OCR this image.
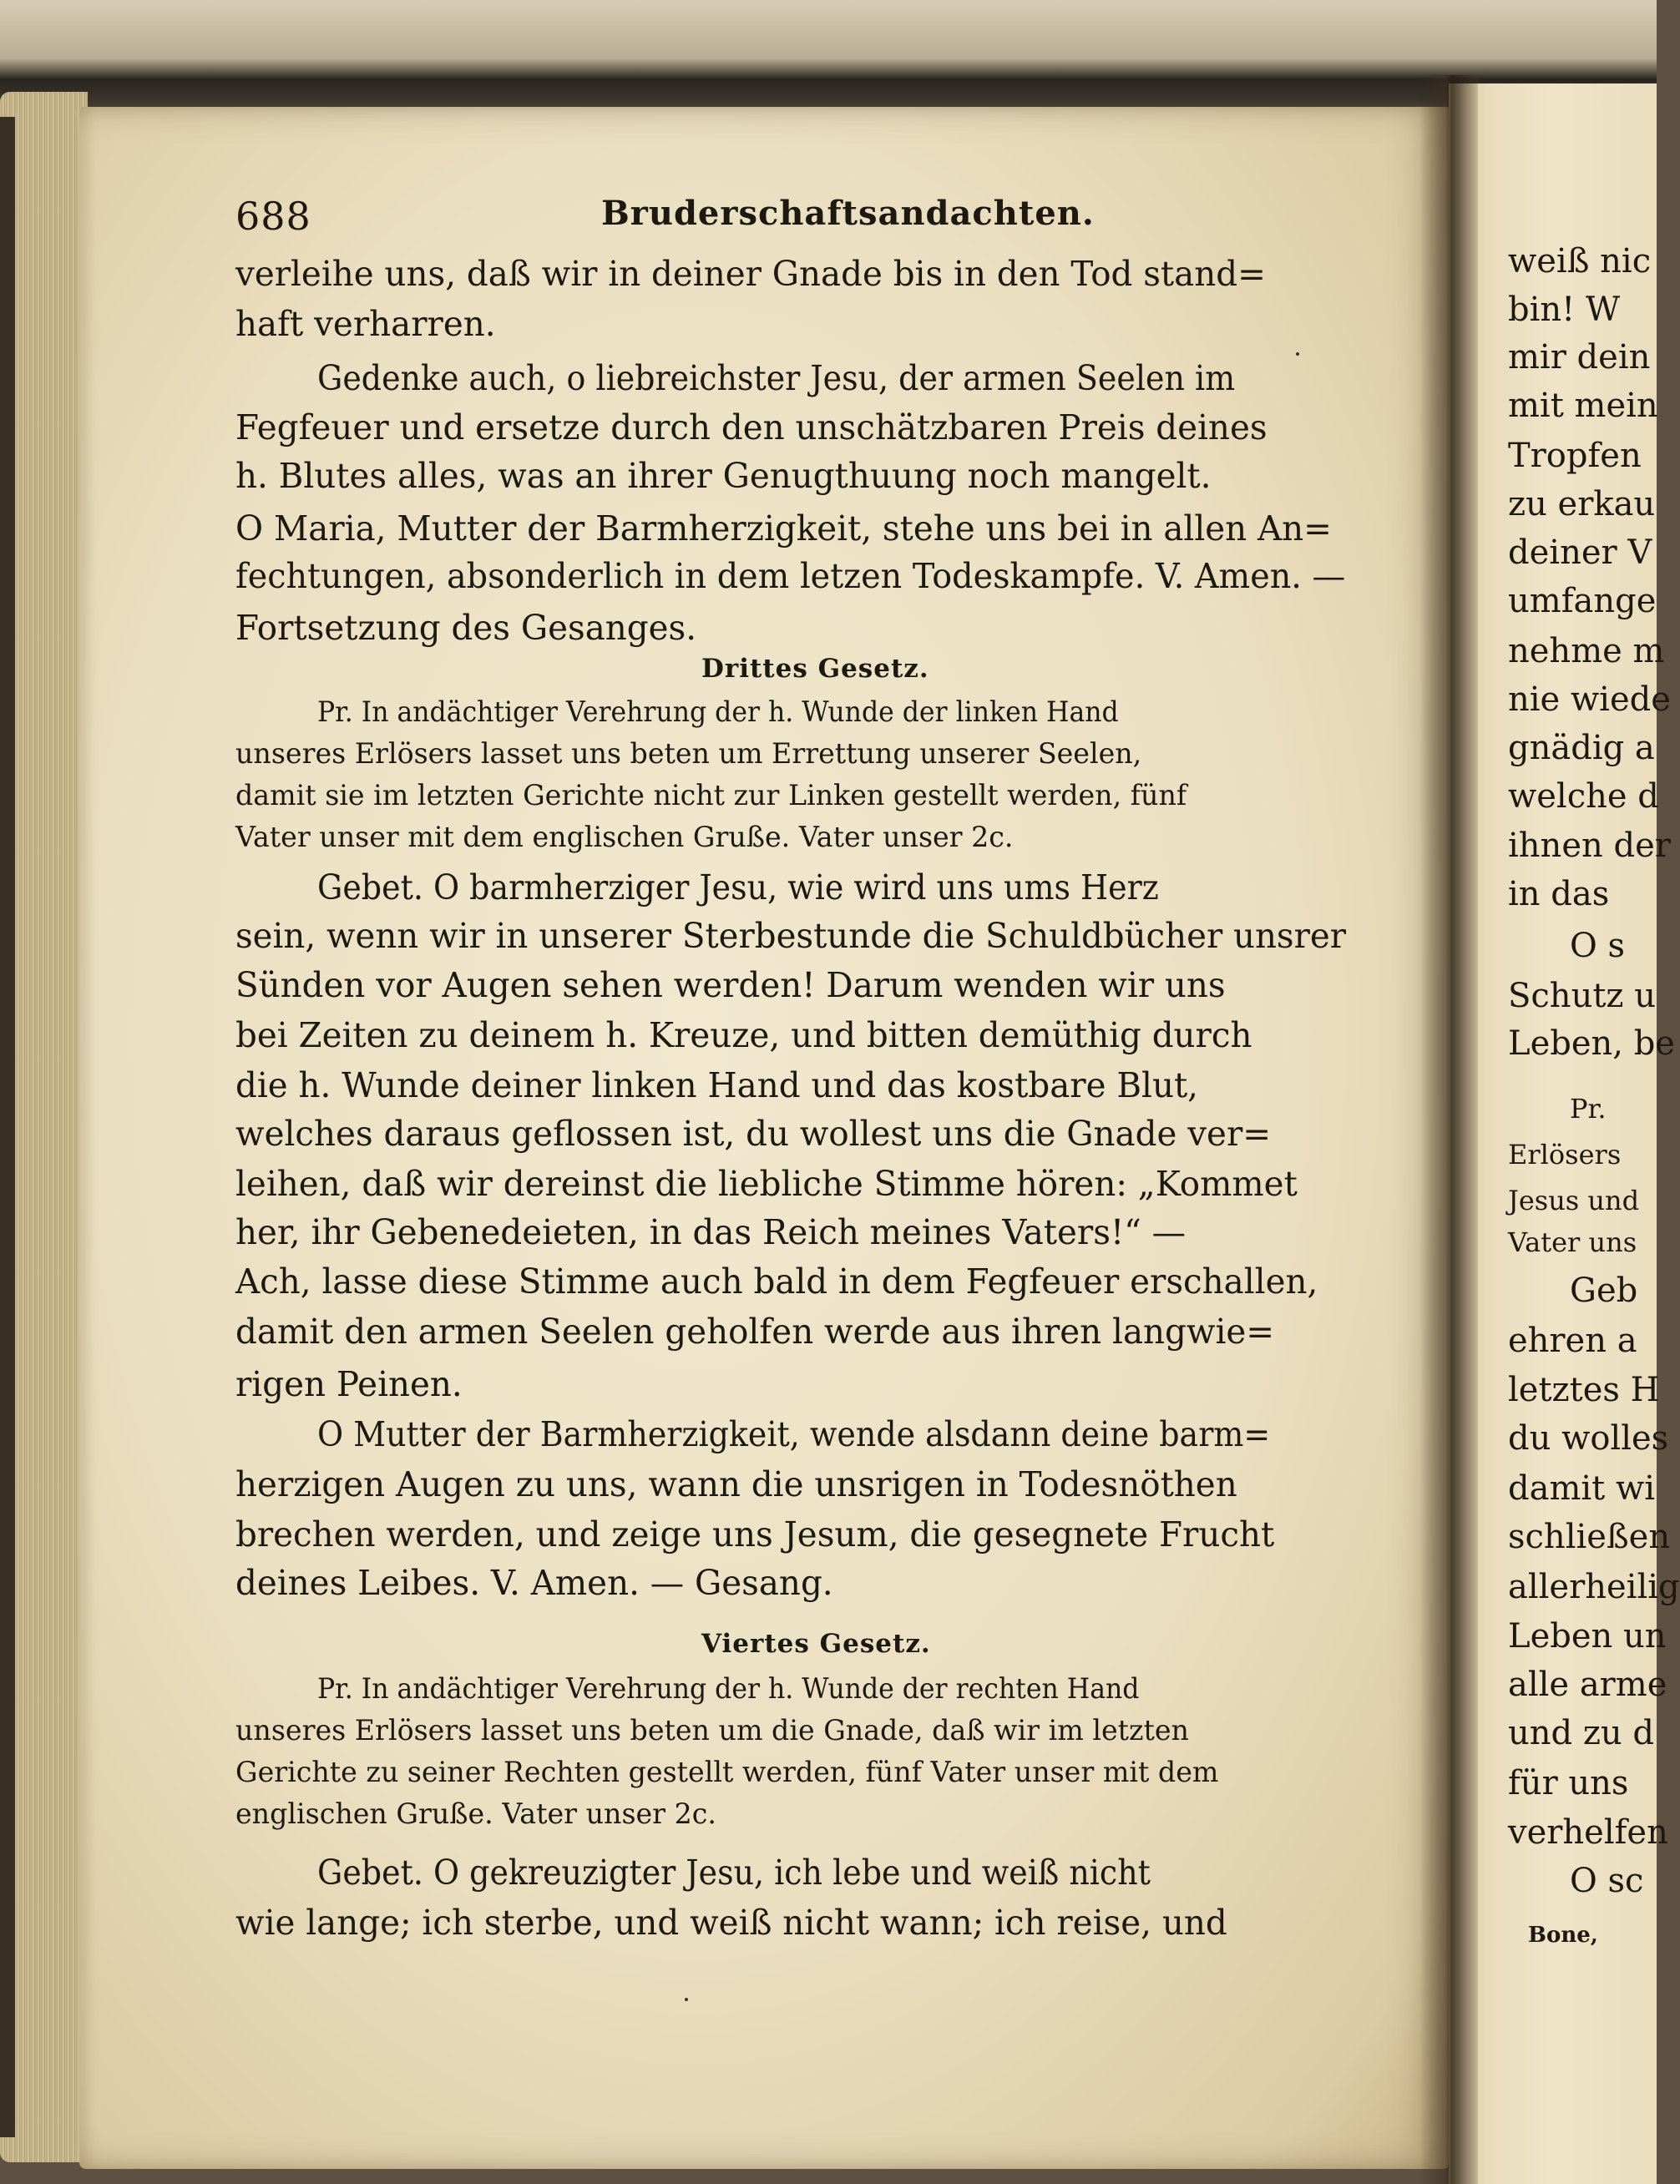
688	Bruderschaftsandachten.
verleihe uns, daß wir in deiner Gnade bis in den Tod stand=
haft verharren.
Gedenke auch, o liebreichster Jesu, der armen Seelen im
Fegfeuer und ersetze durch den unschätzbaren Preis deines
h. Blutes alles, was an ihrer Genugthuung noch mangelt.
O Maria, Mutter der Barmherzigkeit, stehe uns bei in allen An=
fechtungen, absonderlich in dem letzen Todeskampfe. V. Amen. —
Fortsetzung des Gesanges.
Drittes Gesetz.
Pr. In andächtiger Verehrung der h. Wunde der linken Hand
unseres Erlösers lasset uns beten um Errettung unserer Seelen,
damit sie im letzten Gerichte nicht zur Linken gestellt werden, fünf
Vater unser mit dem englischen Gruße. Vater unser 2c.
Gebet. O barmherziger Jesu, wie wird uns ums Herz
sein, wenn wir in unserer Sterbestunde die Schuldbücher unsrer
Sünden vor Augen sehen werden! Darum wenden wir uns
bei Zeiten zu deinem h. Kreuze, und bitten demüthig durch
die h. Wunde deiner linken Hand und das kostbare Blut,
welches daraus geflossen ist, du wollest uns die Gnade ver=
leihen, daß wir dereinst die liebliche Stimme hören: „Kommet
her, ihr Gebenedeieten, in das Reich meines Vaters!“ —
Ach, lasse diese Stimme auch bald in dem Fegfeuer erschallen,
damit den armen Seelen geholfen werde aus ihren langwie=
rigen Peinen.
O Mutter der Barmherzigkeit, wende alsdann deine barm=
herzigen Augen zu uns, wann die unsrigen in Todesnöthen
brechen werden, und zeige uns Jesum, die gesegnete Frucht
deines Leibes. V. Amen. — Gesang.
Viertes Gesetz.
Pr. In andächtiger Verehrung der h. Wunde der rechten Hand
unseres Erlösers lasset uns beten um die Gnade, daß wir im letzten
Gerichte zu seiner Rechten gestellt werden, fünf Vater unser mit dem
englischen Gruße. Vater unser 2c.
Gebet. O gekreuzigter Jesu, ich lebe und weiß nicht
wie lange; ich sterbe, und weiß nicht wann; ich reise, und
weiß nic
bin! W
mir dein
mit mein
Tropfen
zu erkau
deiner V
umfange
nehme m
nie wiede
gnädig a
welche d
ihnen der
in das
O s
Schutz u
Leben, be
Pr.
Erlösers
Jesus und
Vater uns
Geb
ehren a
letztes H
du wolles
damit wi
schließen
allerheilig
Leben un
alle arme
und zu d
für uns
verhelfen
O sc
Bone,
